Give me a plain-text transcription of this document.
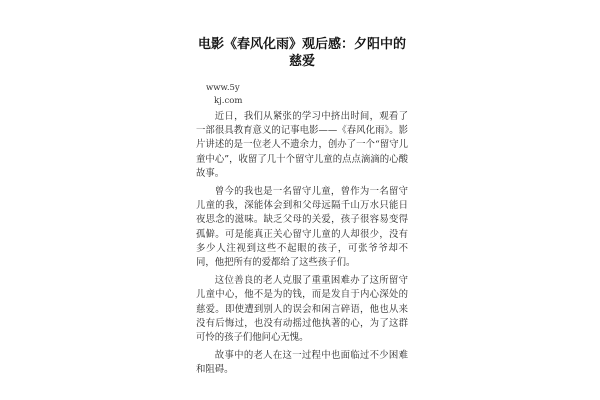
电影《春风化雨》观后感：夕阳中的慈爱
www.5y
kj.com

近日，我们从紧张的学习中挤出时间，观看了一部很具教育意义的记事电影——《春风化雨》。影片讲述的是一位老人不遗余力，创办了一个“留守儿童中心”，收留了几十个留守儿童的点点滴滴的心酸故事。

曾今的我也是一名留守儿童，曾作为一名留守儿童的我，深能体会到和父母远隔千山万水只能日夜思念的滋味。缺乏父母的关爱，孩子很容易变得孤僻。可是能真正关心留守儿童的人却很少，没有多少人注视到这些不起眼的孩子，可张爷爷却不同，他把所有的爱都给了这些孩子们。

这位善良的老人克服了重重困难办了这所留守儿童中心，他不是为的钱，而是发自于内心深处的慈爱。即使遭到别人的误会和闲言碎语，他也从来没有后悔过，也没有动摇过他执著的心，为了这群可怜的孩子们他问心无愧。

故事中的老人在这一过程中也面临过不少困难和阻碍。
